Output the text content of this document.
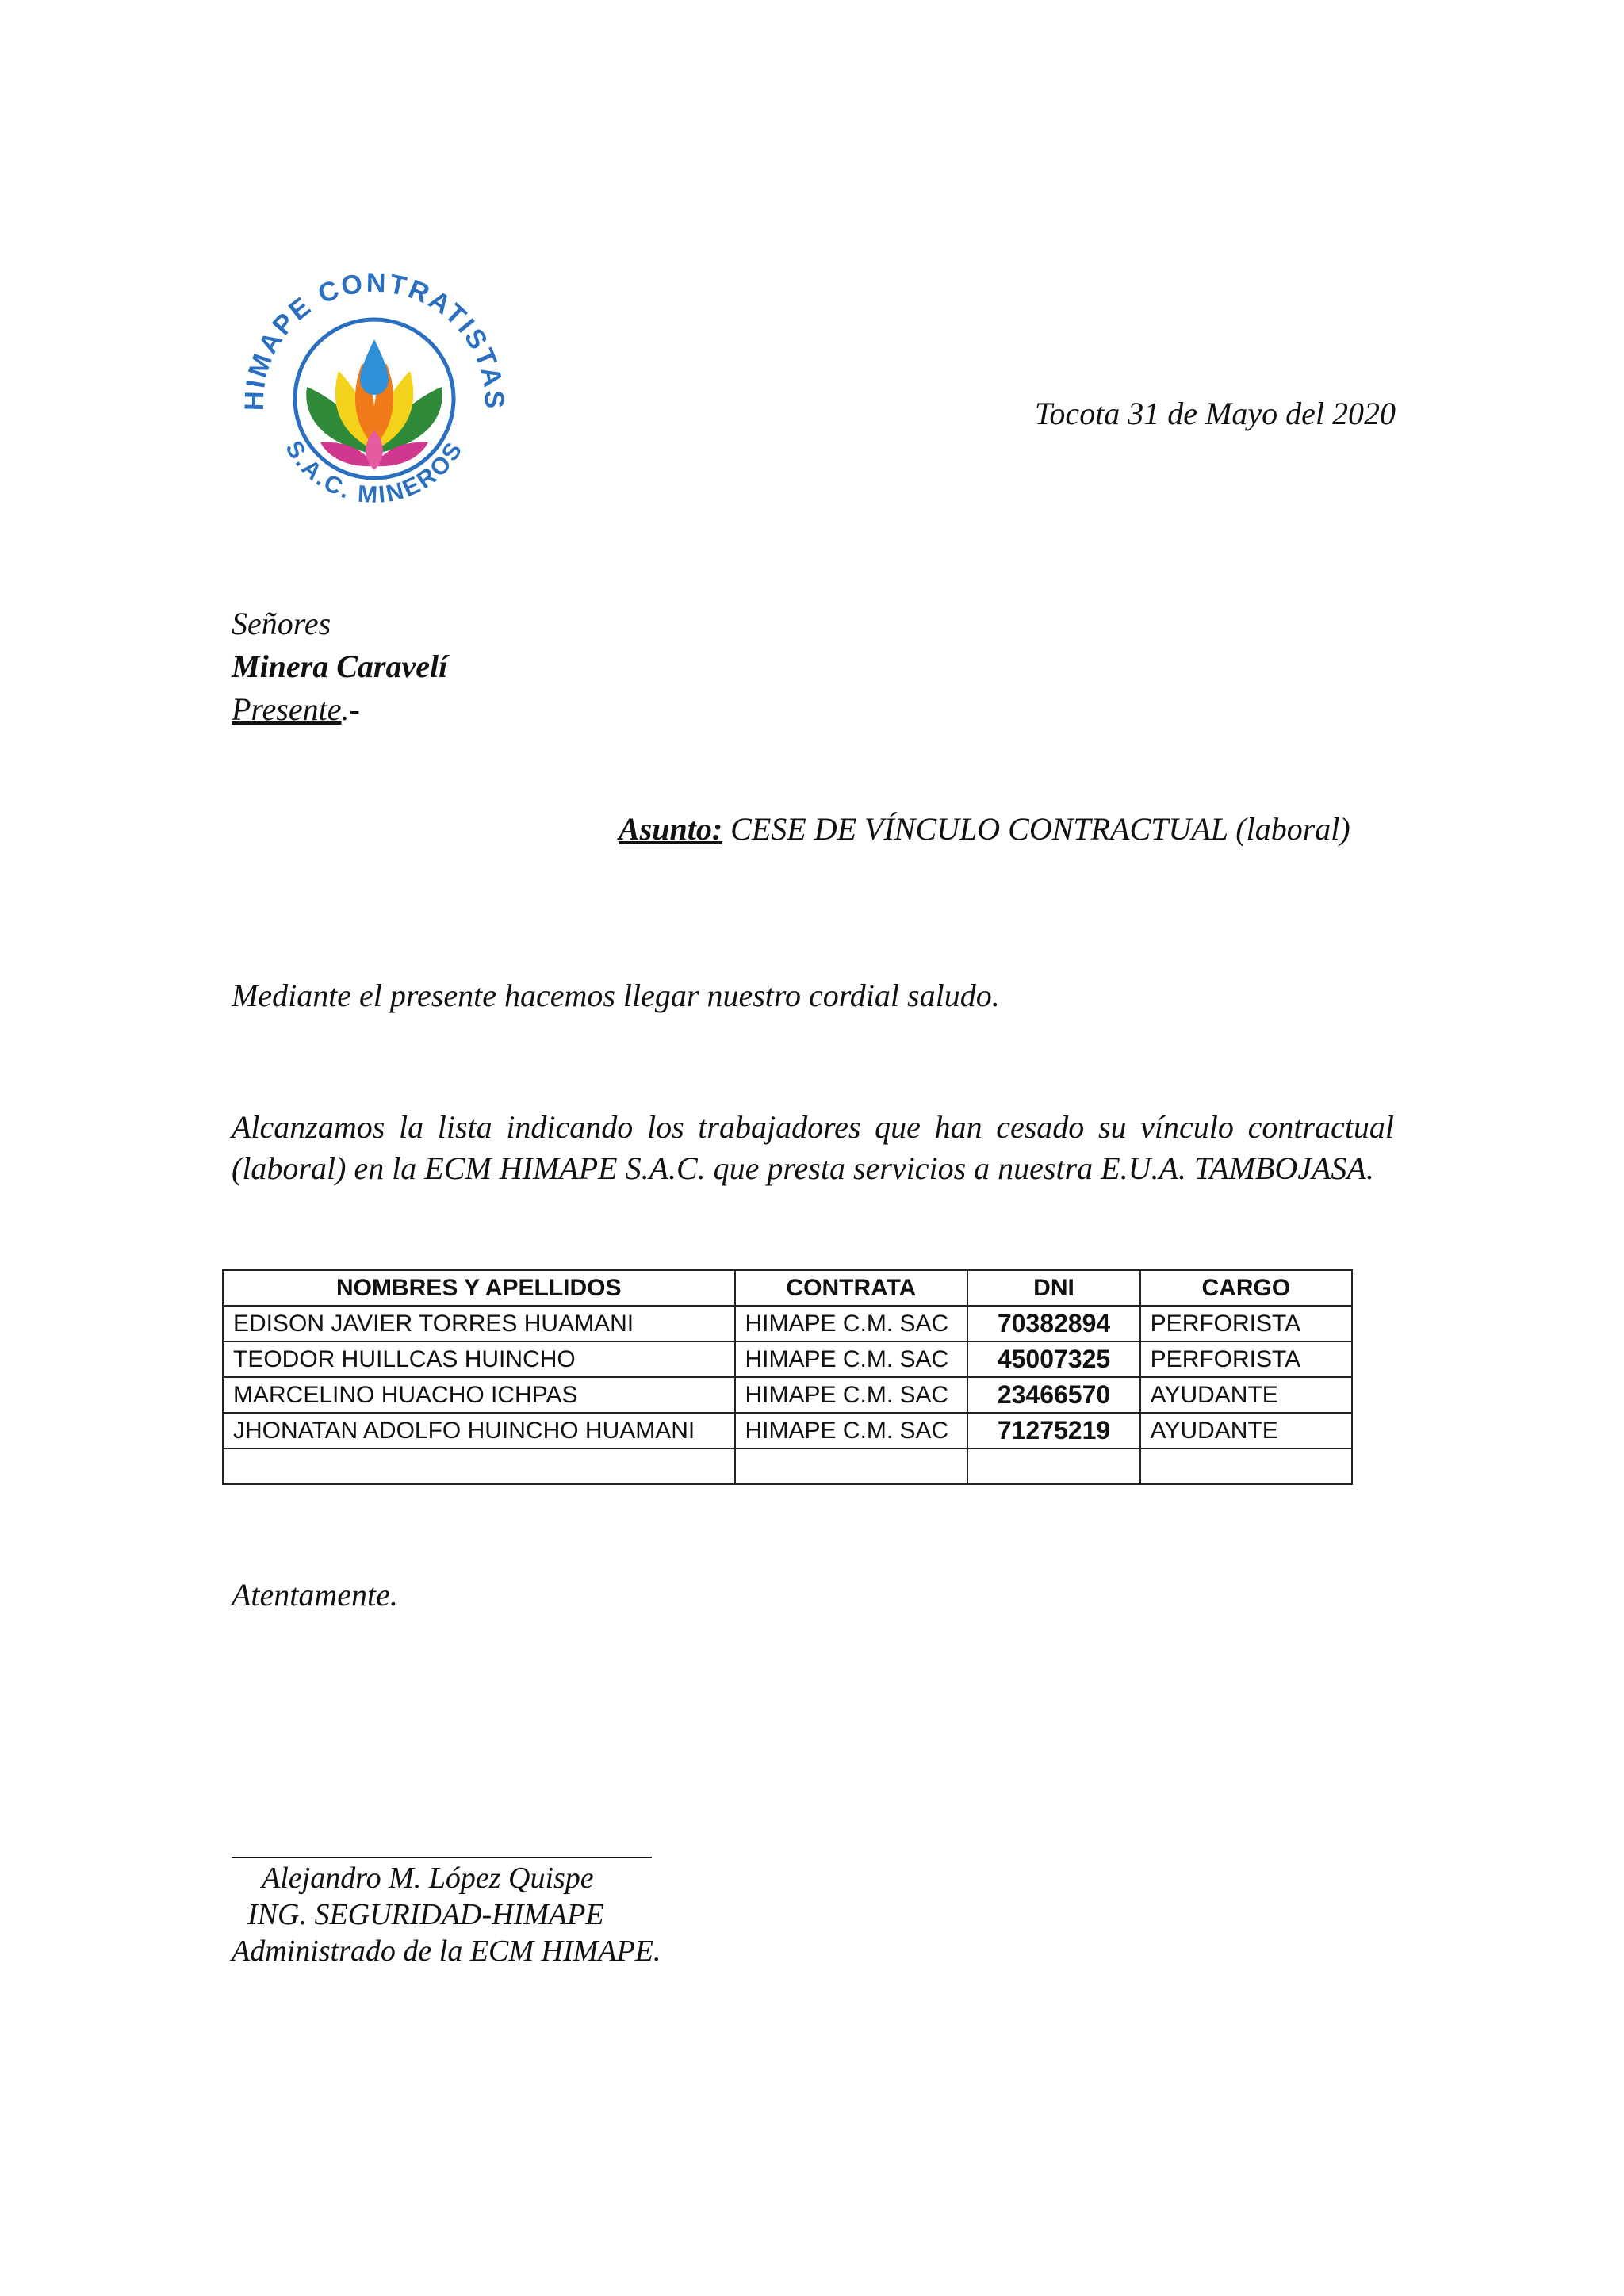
HIMAPE CONTRATISTAS
S.A.C. MINEROS
Tocota 31 de Mayo del 2020
Señores
Minera Caravelí
Presente.-
Asunto: CESE DE VÍNCULO CONTRACTUAL (laboral)
Mediante el presente hacemos llegar nuestro cordial saludo.
Alcanzamos la lista indicando los trabajadores que han cesado su vínculo contractual (laboral) en la ECM HIMAPE S.A.C. que presta servicios a nuestra E.U.A. TAMBOJASA.
NOMBRES Y APELLIDOS	CONTRATA	DNI	CARGO
EDISON JAVIER TORRES HUAMANI	HIMAPE C.M. SAC	70382894	PERFORISTA
TEODOR HUILLCAS HUINCHO	HIMAPE C.M. SAC	45007325	PERFORISTA
MARCELINO HUACHO ICHPAS	HIMAPE C.M. SAC	23466570	AYUDANTE
JHONATAN ADOLFO HUINCHO HUAMANI	HIMAPE C.M. SAC	71275219	AYUDANTE

Atentamente.
Alejandro M. López Quispe
ING. SEGURIDAD-HIMAPE
Administrado de la ECM HIMAPE.
